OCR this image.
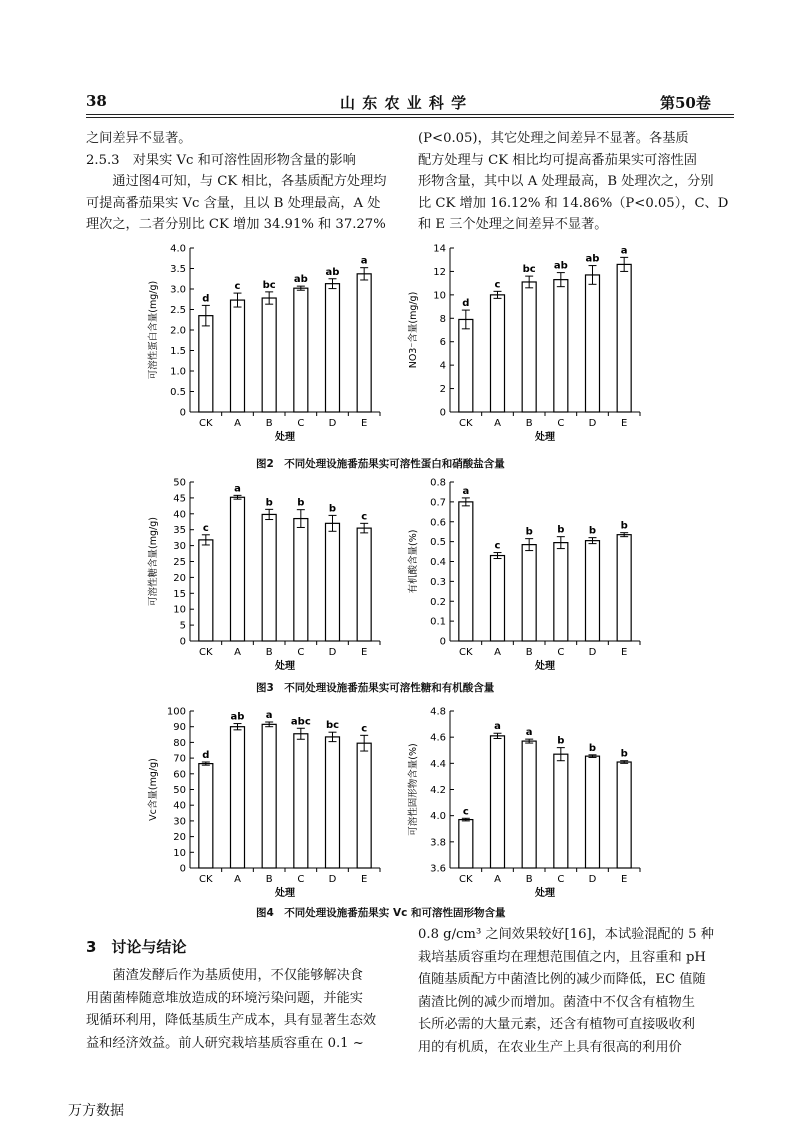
38	山 东 农 业 科 学	第50卷

之间差异不显著。

2.5.3　对果实 Vc 和可溶性固形物含量的影响

通过图4可知，与 CK 相比，各基质配方处理均

可提高番茄果实 Vc 含量，且以 B 处理最高，A 处

理次之，二者分别比 CK 增加 34.91% 和 37.27%

(P<0.05)，其它处理之间差异不显著。各基质

配方处理与 CK 相比均可提高番茄果实可溶性固

形物含量，其中以 A 处理最高，B 处理次之，分别

比 CK 增加 16.12% 和 14.86%（P<0.05），C、D

和 E 三个处理之间差异不显著。

0
0.5
1.0
1.5
2.0
2.5
3.0
3.5
4.0
d
CK
c
A
bc
B
ab
C
ab
D
a
E
处理
可溶性蛋白含量(mg/g)
0
2
4
6
8
10
12
14
d
CK
c
A
bc
B
ab
C
ab
D
a
E
处理
NO3⁻含量(mg/g)
图2　不同处理设施番茄果实可溶性蛋白和硝酸盐含量
0
5
10
15
20
25
30
35
40
45
50
c
CK
a
A
b
B
b
C
b
D
c
E
处理
可溶性糖含量(mg/g)
0
0.1
0.2
0.3
0.4
0.5
0.6
0.7
0.8
a
CK
c
A
b
B
b
C
b
D
b
E
处理
有机酸含量(%)
图3　不同处理设施番茄果实可溶性糖和有机酸含量
0
10
20
30
40
50
60
70
80
90
100
d
CK
ab
A
a
B
abc
C
bc
D
c
E
处理
Vc含量(mg/g)
3.6
3.8
4.0
4.2
4.4
4.6
4.8
c
CK
a
A
a
B
b
C
b
D
b
E
处理
可溶性固形物含量(%)
图4　不同处理设施番茄果实 Vc 和可溶性固形物含量
3　讨论与结论

菌渣发酵后作为基质使用，不仅能够解决食

用菌菌棒随意堆放造成的环境污染问题，并能实

现循环利用，降低基质生产成本，具有显著生态效

益和经济效益。前人研究栽培基质容重在 0.1 ~

0.8 g/cm³ 之间效果较好[16]，本试验混配的 5 种

栽培基质容重均在理想范围值之内，且容重和 pH

值随基质配方中菌渣比例的减少而降低，EC 值随

菌渣比例的减少而增加。菌渣中不仅含有植物生

长所必需的大量元素，还含有植物可直接吸收利

用的有机质，在农业生产上具有很高的利用价

万方数据
